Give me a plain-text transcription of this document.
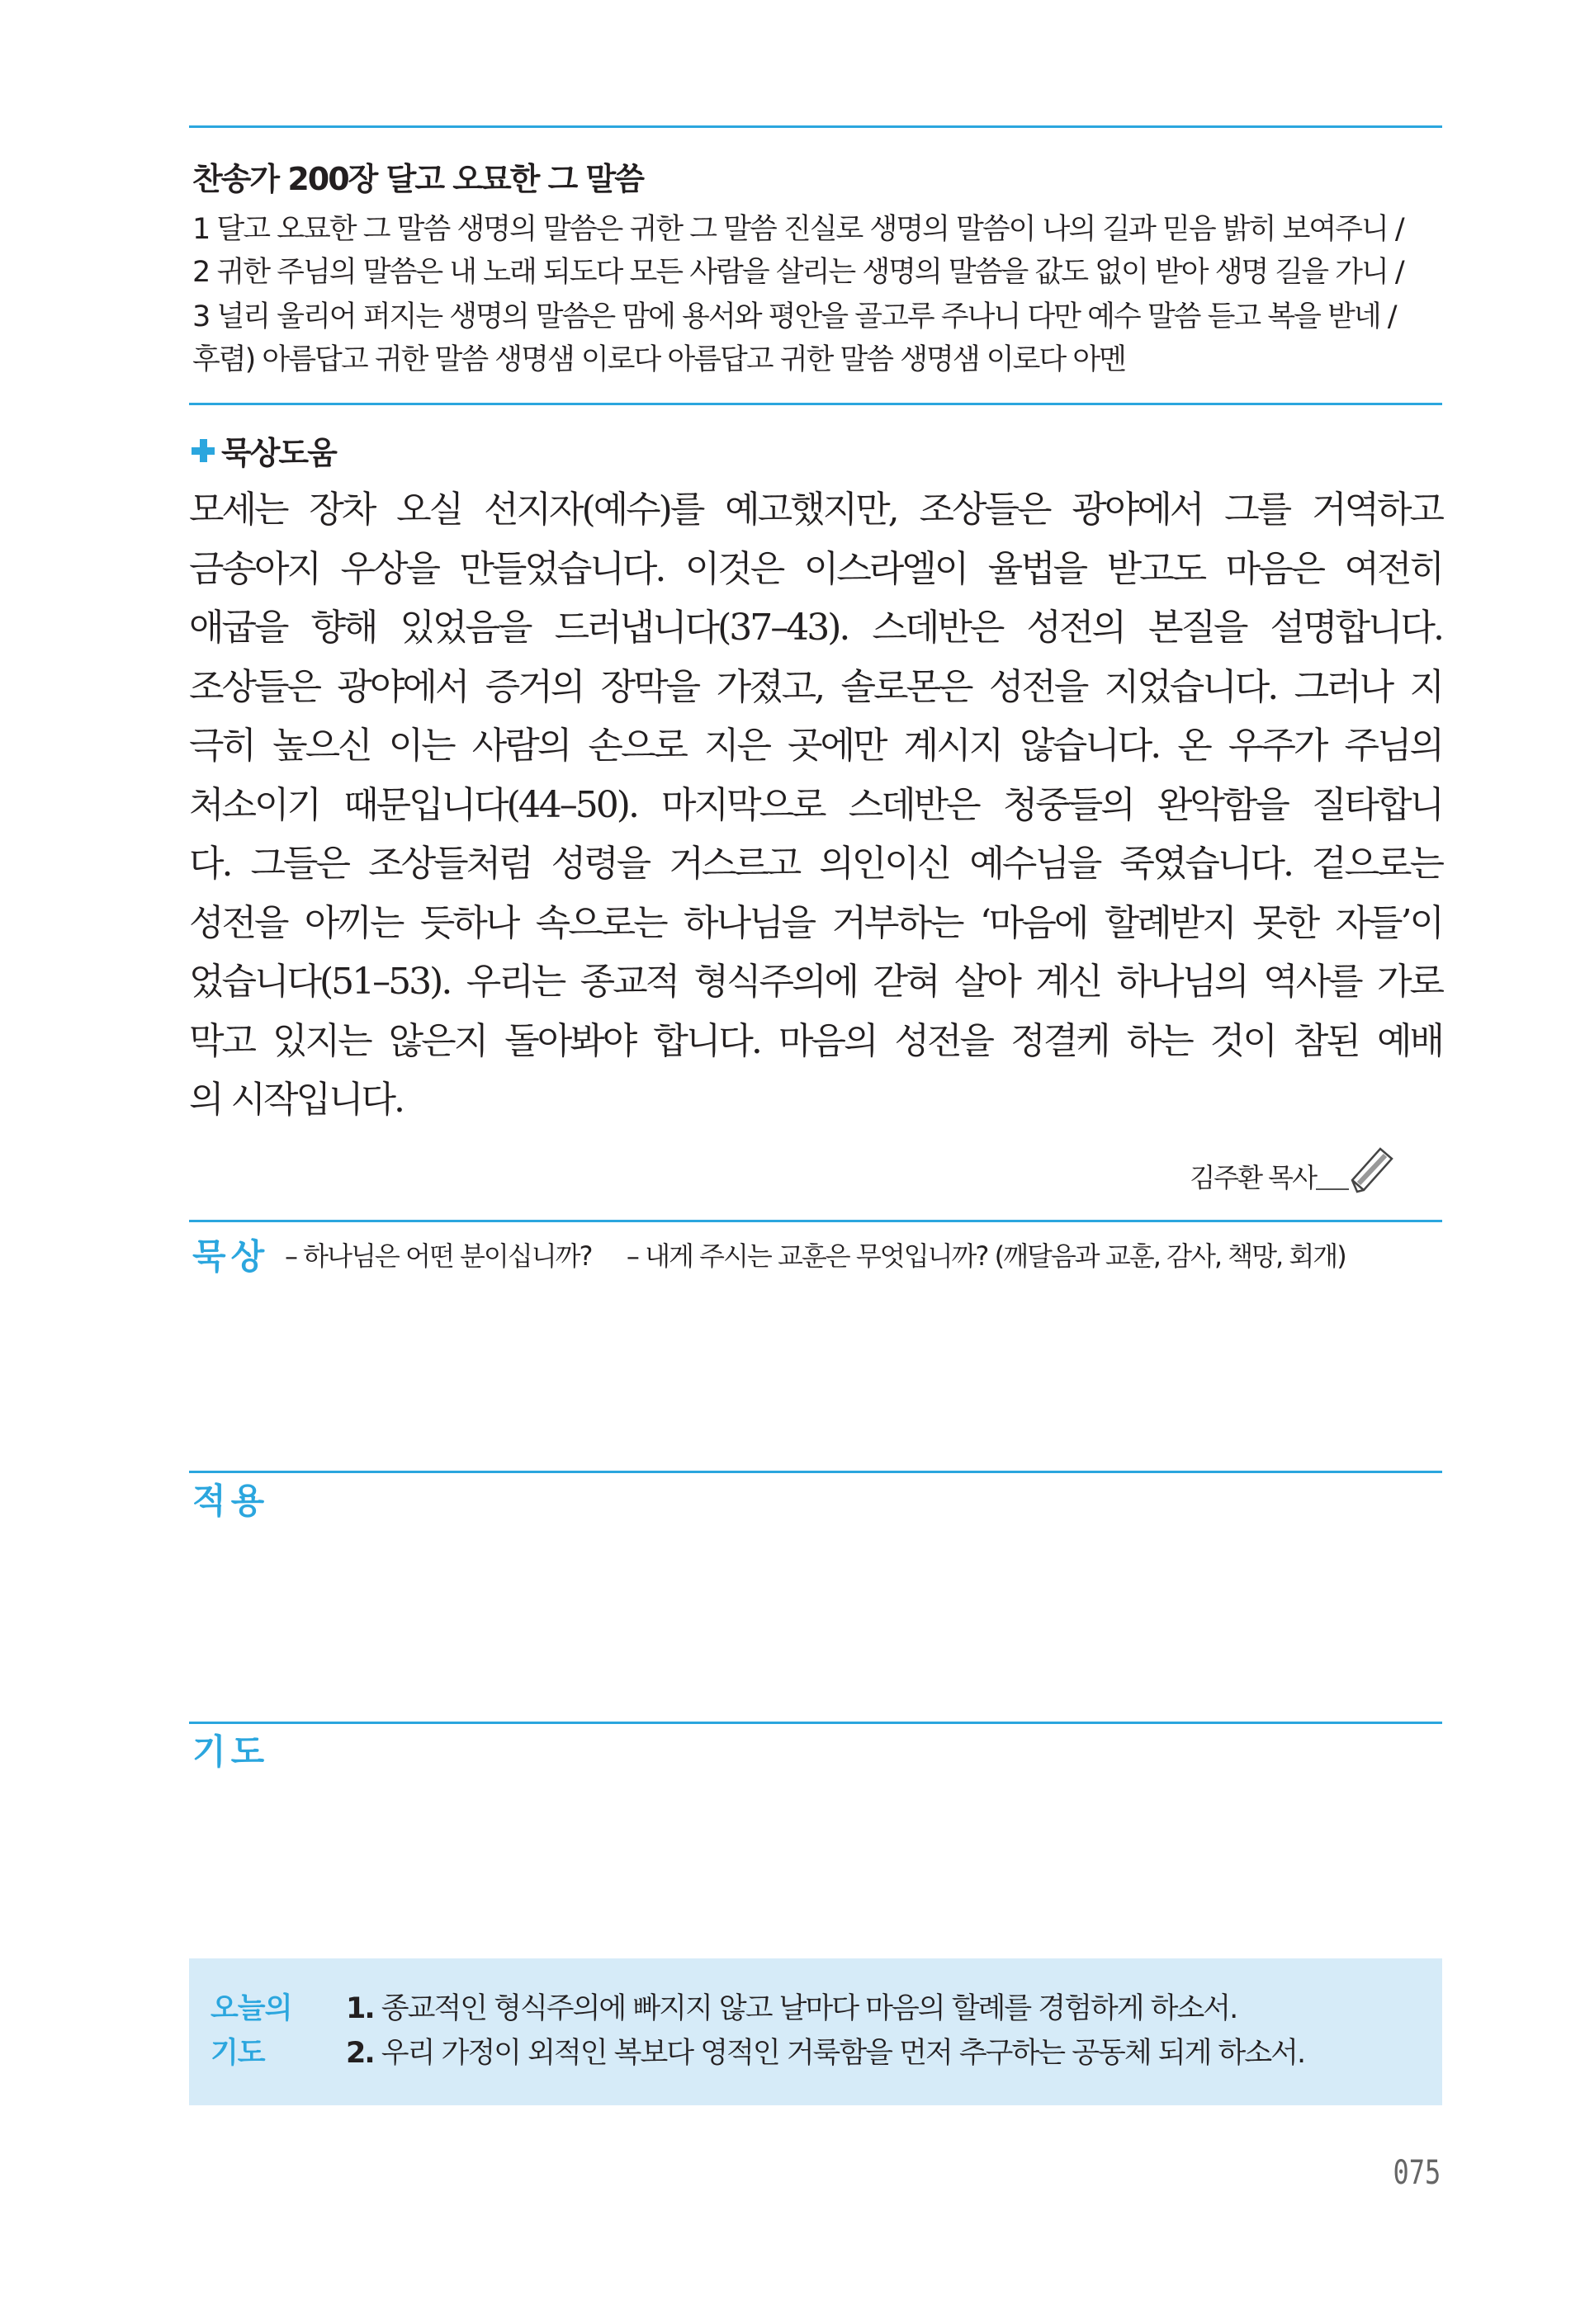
찬송가 200장 달고 오묘한 그 말씀
1 달고 오묘한 그 말씀 생명의 말씀은 귀한 그 말씀 진실로 생명의 말씀이 나의 길과 믿음 밝히 보여주니 /
2 귀한 주님의 말씀은 내 노래 되도다 모든 사람을 살리는 생명의 말씀을 값도 없이 받아 생명 길을 가니 /
3 널리 울리어 퍼지는 생명의 말씀은 맘에 용서와 평안을 골고루 주나니 다만 예수 말씀 듣고 복을 받네 /
후렴) 아름답고 귀한 말씀 생명샘 이로다 아름답고 귀한 말씀 생명샘 이로다 아멘
묵상도움
모세는 장차 오실 선지자(예수)를 예고했지만, 조상들은 광야에서 그를 거역하고
금송아지 우상을 만들었습니다. 이것은 이스라엘이 율법을 받고도 마음은 여전히
애굽을 향해 있었음을 드러냅니다(37–43). 스데반은 성전의 본질을 설명합니다.
조상들은 광야에서 증거의 장막을 가졌고, 솔로몬은 성전을 지었습니다. 그러나 지
극히 높으신 이는 사람의 손으로 지은 곳에만 계시지 않습니다. 온 우주가 주님의
처소이기 때문입니다(44–50). 마지막으로 스데반은 청중들의 완악함을 질타합니
다. 그들은 조상들처럼 성령을 거스르고 의인이신 예수님을 죽였습니다. 겉으로는
성전을 아끼는 듯하나 속으로는 하나님을 거부하는 ‘마음에 할례받지 못한 자들’이
었습니다(51–53). 우리는 종교적 형식주의에 갇혀 살아 계신 하나님의 역사를 가로
막고 있지는 않은지 돌아봐야 합니다. 마음의 성전을 정결케 하는 것이 참된 예배
의 시작입니다.
김주환 목사
묵상 – 하나님은 어떤 분이십니까? – 내게 주시는 교훈은 무엇입니까? (깨달음과 교훈, 감사, 책망, 회개)
적용
기도
오늘의
기도
1. 종교적인 형식주의에 빠지지 않고 날마다 마음의 할례를 경험하게 하소서.
2. 우리 가정이 외적인 복보다 영적인 거룩함을 먼저 추구하는 공동체 되게 하소서.
075
